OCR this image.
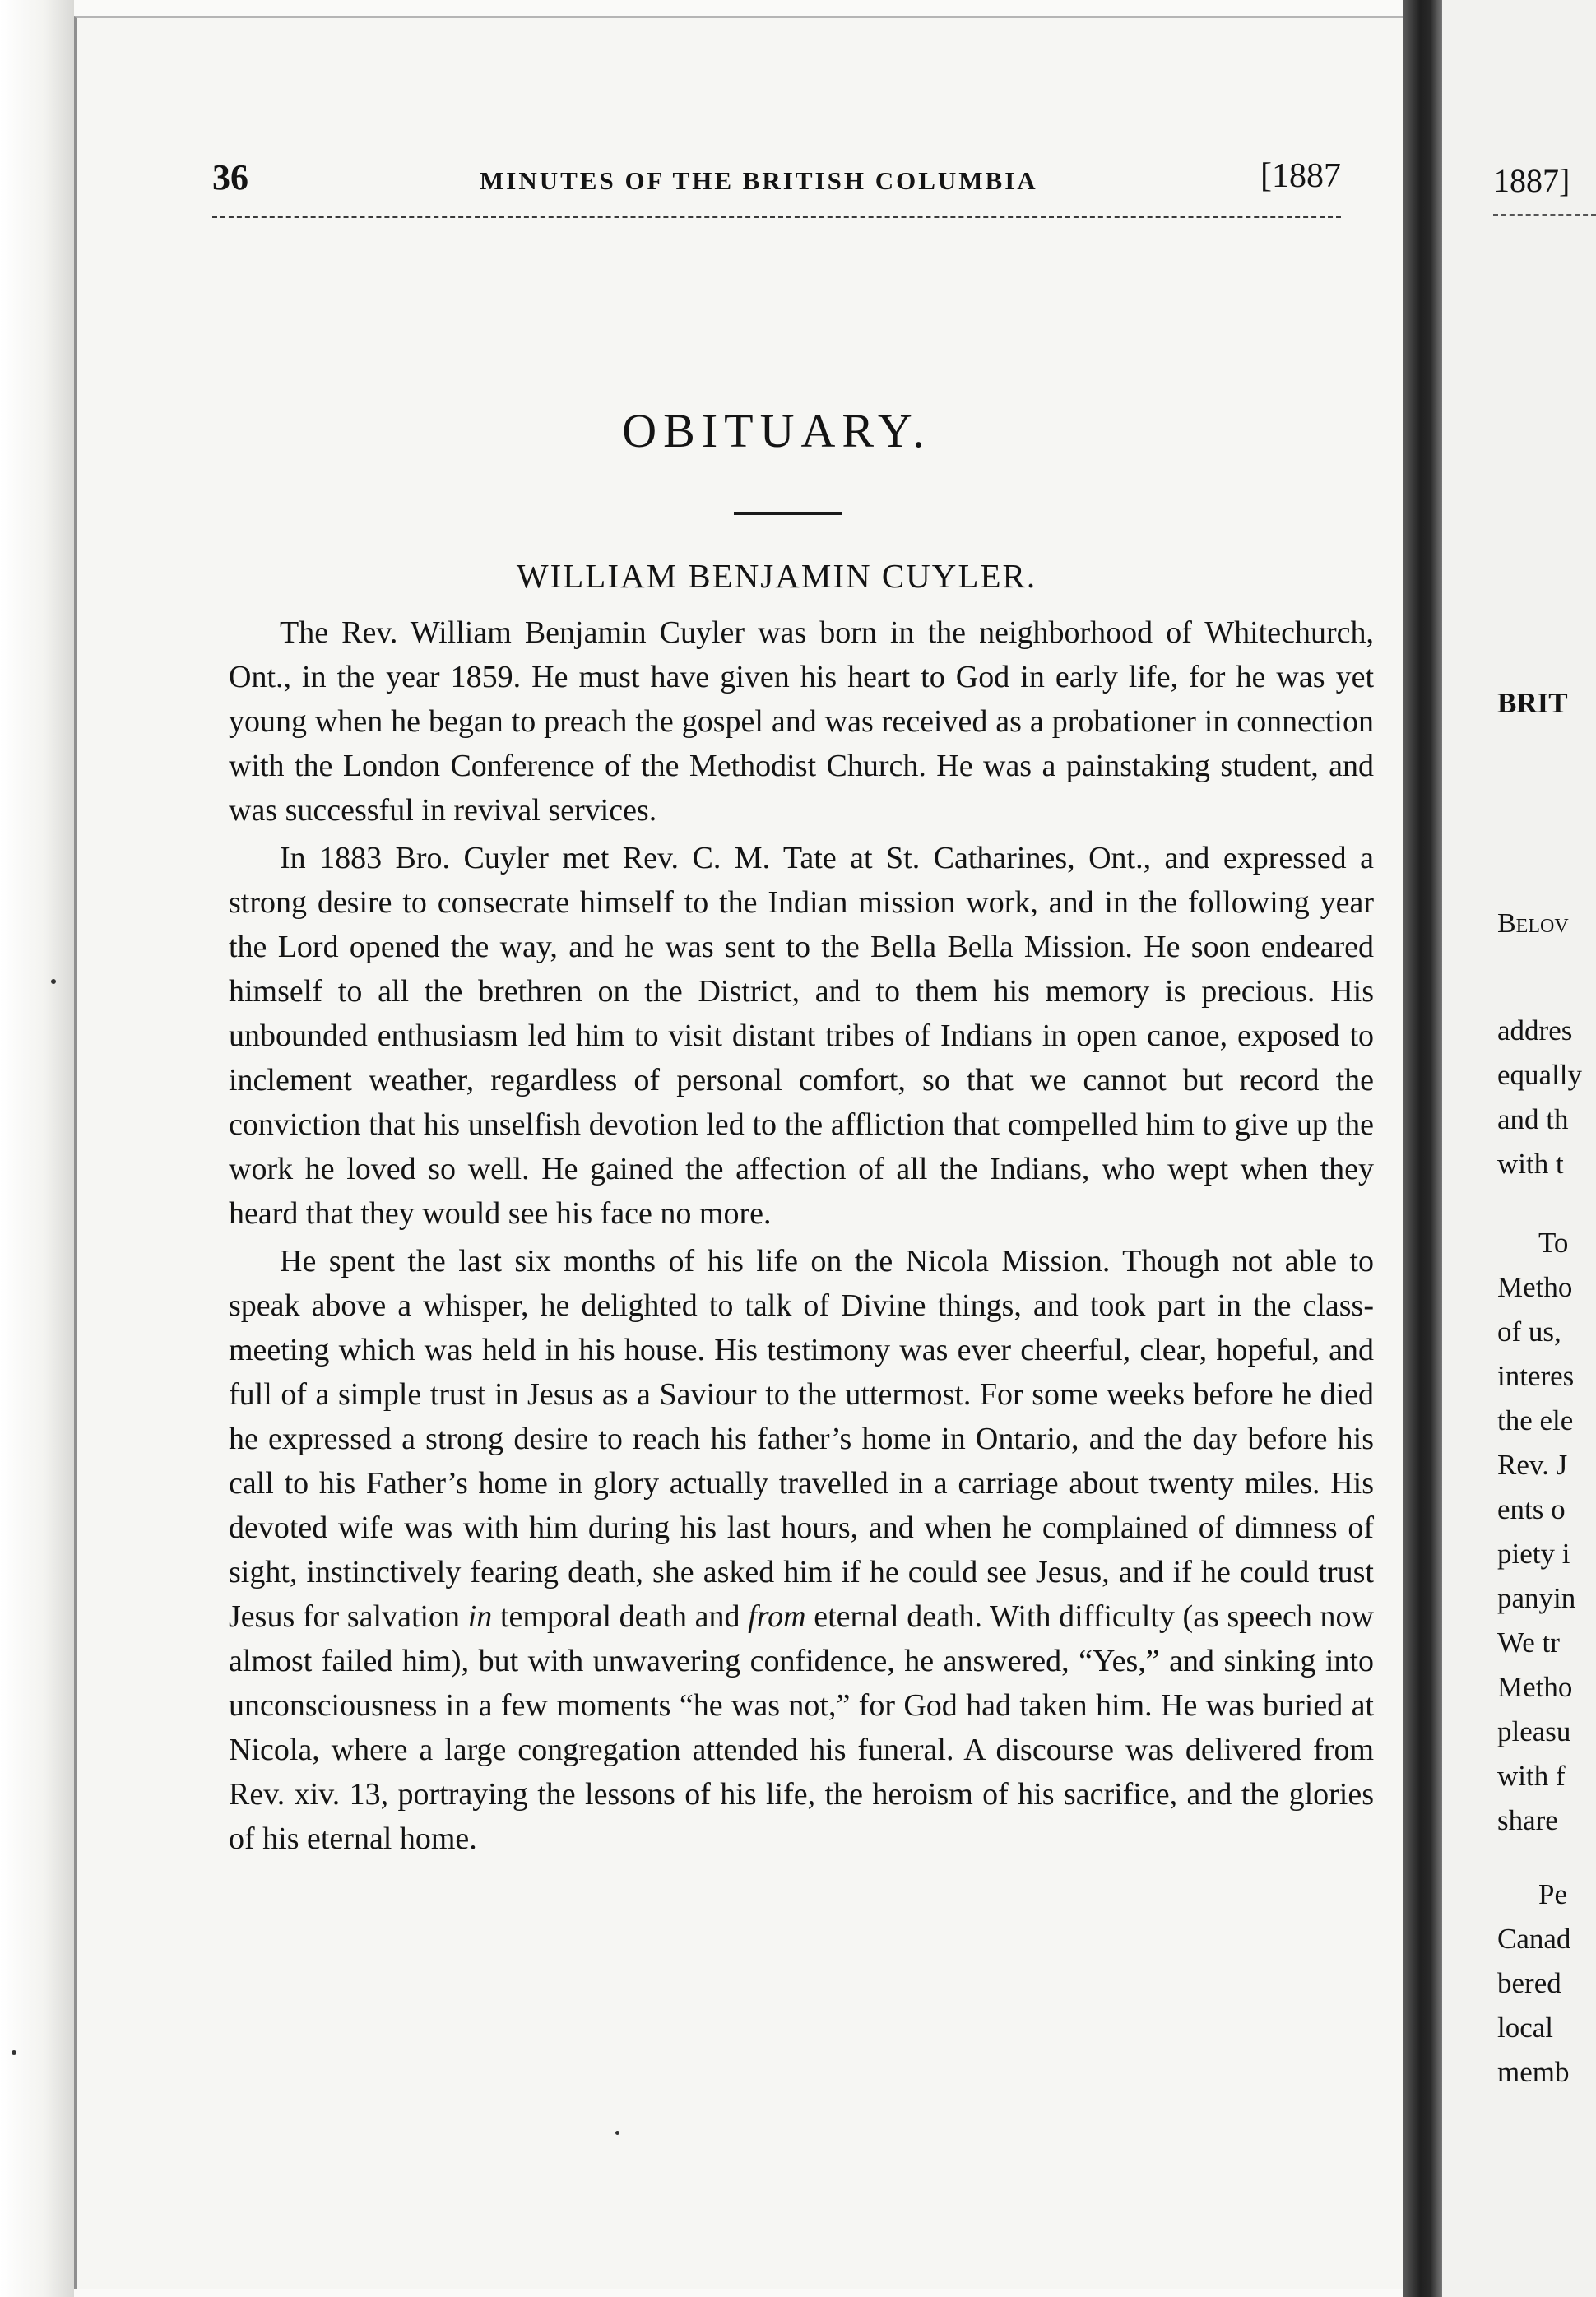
36	MINUTES OF THE BRITISH COLUMBIA	[1887
OBITUARY.
WILLIAM BENJAMIN CUYLER.

The Rev. William Benjamin Cuyler was born in the neighborhood of Whitechurch, Ont., in the year 1859. He must have given his heart to God in early life, for he was yet young when he began to preach the gospel and was received as a probationer in connection with the London Conference of the Methodist Church. He was a painstaking student, and was successful in revival services.

In 1883 Bro. Cuyler met Rev. C. M. Tate at St. Catharines, Ont., and expressed a strong desire to consecrate himself to the Indian mission work, and in the following year the Lord opened the way, and he was sent to the Bella Bella Mission. He soon endeared himself to all the brethren on the District, and to them his memory is precious. His unbounded enthusiasm led him to visit distant tribes of Indians in open canoe, exposed to inclement weather, regardless of personal comfort, so that we cannot but record the conviction that his unselfish devotion led to the affliction that compelled him to give up the work he loved so well. He gained the affection of all the Indians, who wept when they heard that they would see his face no more.

He spent the last six months of his life on the Nicola Mission. Though not able to speak above a whisper, he delighted to talk of Divine things, and took part in the class-meeting which was held in his house. His testimony was ever cheerful, clear, hopeful, and full of a simple trust in Jesus as a Saviour to the uttermost. For some weeks before he died he expressed a strong desire to reach his father’s home in Ontario, and the day before his call to his Father’s home in glory actually travelled in a carriage about twenty miles. His devoted wife was with him during his last hours, and when he complained of dimness of sight, instinctively fearing death, she asked him if he could see Jesus, and if he could trust Jesus for salvation in temporal death and from eternal death. With difficulty (as speech now almost failed him), but with unwavering confidence, he answered, “Yes,” and sinking into unconsciousness in a few moments “he was not,” for God had taken him. He was buried at Nicola, where a large congregation attended his funeral. A discourse was delivered from Rev. xiv. 13, portraying the lessons of his life, the heroism of his sacrifice, and the glories of his eternal home.

1887]
BRIT
Belov
addres
equally
and th
with t
To
Metho
of us,
interes
the ele
Rev. J
ents o
piety i
panyin
We tr
Metho
pleasu
with f
share
Pe
Canad
bered
local
memb
